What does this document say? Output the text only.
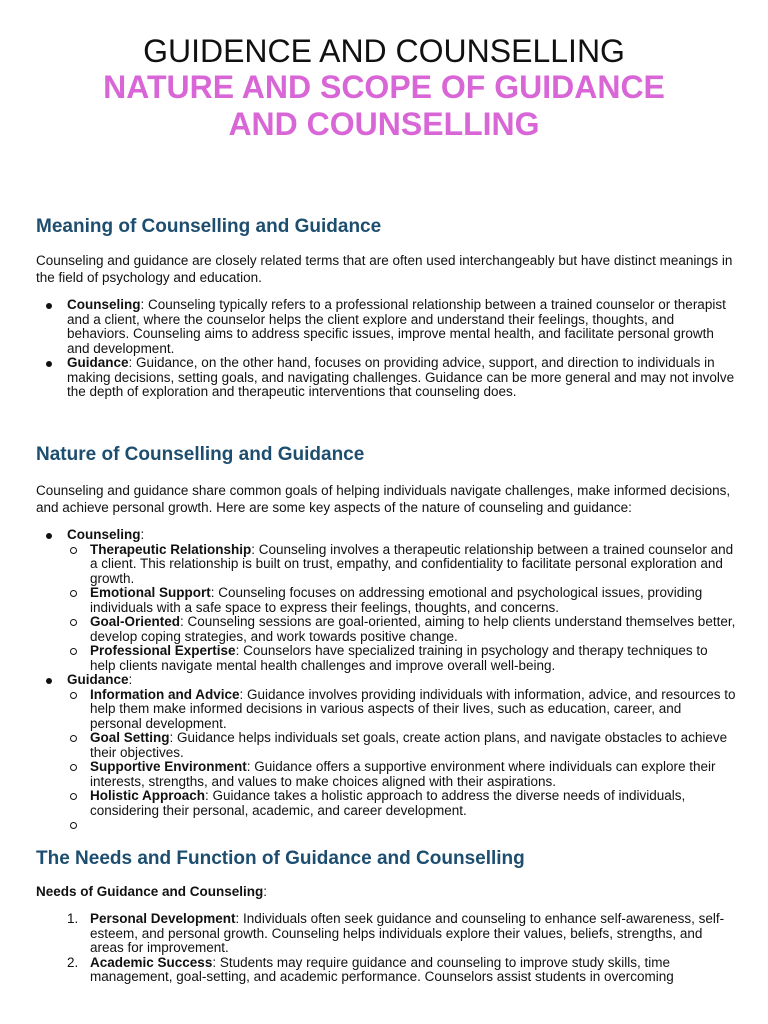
GUIDENCE AND COUNSELLING
NATURE AND SCOPE OF GUIDANCE
AND COUNSELLING
Meaning of Counselling and Guidance

Counseling and guidance are closely related terms that are often used interchangeably but have distinct meanings in the field of psychology and education.

Counseling: Counseling typically refers to a professional relationship between a trained counselor or therapist and a client, where the counselor helps the client explore and understand their feelings, thoughts, and behaviors. Counseling aims to address specific issues, improve mental health, and facilitate personal growth and development.
Guidance: Guidance, on the other hand, focuses on providing advice, support, and direction to individuals in making decisions, setting goals, and navigating challenges. Guidance can be more general and may not involve the depth of exploration and therapeutic interventions that counseling does.
Nature of Counselling and Guidance

Counseling and guidance share common goals of helping individuals navigate challenges, make informed decisions, and achieve personal growth. Here are some key aspects of the nature of counseling and guidance:

Counseling:
Therapeutic Relationship: Counseling involves a therapeutic relationship between a trained counselor and a client. This relationship is built on trust, empathy, and confidentiality to facilitate personal exploration and growth.
Emotional Support: Counseling focuses on addressing emotional and psychological issues, providing individuals with a safe space to express their feelings, thoughts, and concerns.
Goal-Oriented: Counseling sessions are goal-oriented, aiming to help clients understand themselves better, develop coping strategies, and work towards positive change.
Professional Expertise: Counselors have specialized training in psychology and therapy techniques to help clients navigate mental health challenges and improve overall well-being.
Guidance:
Information and Advice: Guidance involves providing individuals with information, advice, and resources to help them make informed decisions in various aspects of their lives, such as education, career, and personal development.
Goal Setting: Guidance helps individuals set goals, create action plans, and navigate obstacles to achieve their objectives.
Supportive Environment: Guidance offers a supportive environment where individuals can explore their interests, strengths, and values to make choices aligned with their aspirations.
Holistic Approach: Guidance takes a holistic approach to address the diverse needs of individuals, considering their personal, academic, and career development.
The Needs and Function of Guidance and Counselling

Needs of Guidance and Counseling:

1. Personal Development: Individuals often seek guidance and counseling to enhance self-awareness, self-esteem, and personal growth. Counseling helps individuals explore their values, beliefs, strengths, and areas for improvement.
2. Academic Success: Students may require guidance and counseling to improve study skills, time management, goal-setting, and academic performance. Counselors assist students in overcoming
